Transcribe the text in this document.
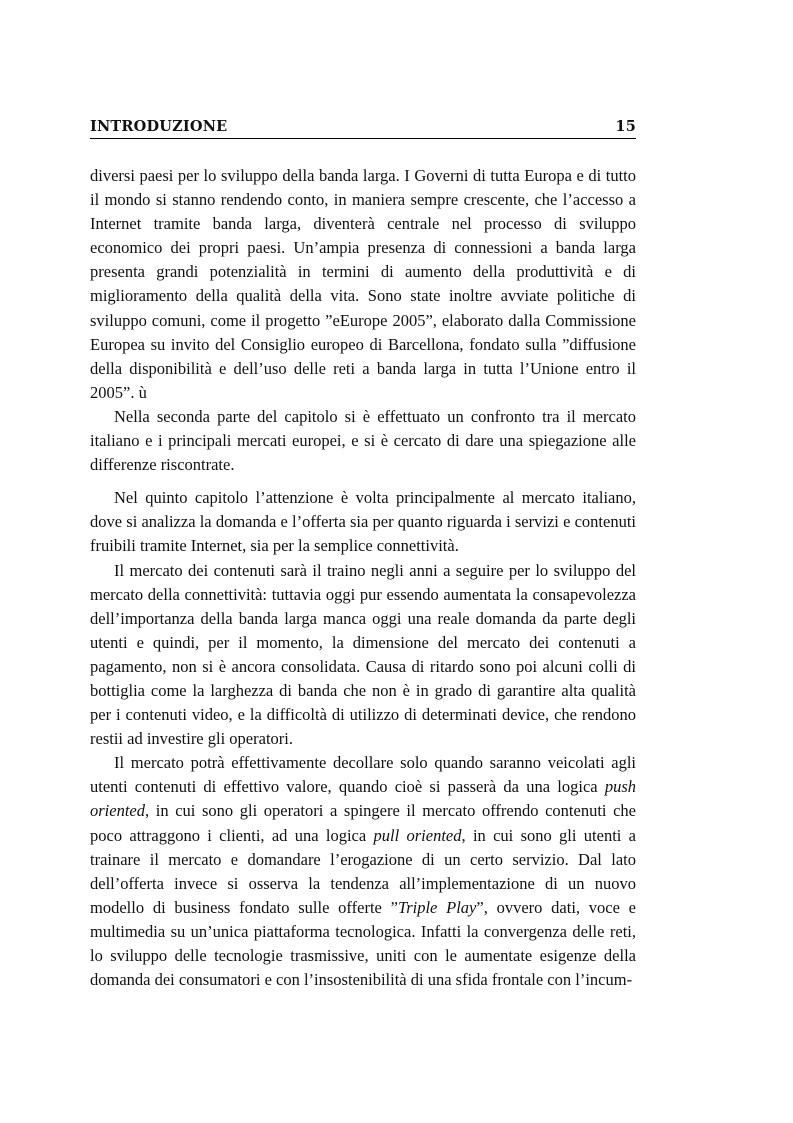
INTRODUZIONE	15

diversi paesi per lo sviluppo della banda larga. I Governi di tutta Europa e di tutto il mondo si stanno rendendo conto, in maniera sempre crescente, che l’accesso a Internet tramite banda larga, diventerà centrale nel processo di sviluppo economico dei propri paesi. Un’ampia presenza di connessioni a banda larga presenta grandi potenzialità in termini di aumento della produttività e di miglioramento della qualità della vita. Sono state inoltre avviate politiche di sviluppo comuni, come il progetto ”eEurope 2005”, elaborato dalla Commissione Europea su invito del Consiglio europeo di Barcellona, fondato sulla ”diffusione della disponibilità e dell’uso delle reti a banda larga in tutta l’Unione entro il 2005”. ù

Nella seconda parte del capitolo si è effettuato un confronto tra il mercato italiano e i principali mercati europei, e si è cercato di dare una spiegazione alle differenze riscontrate.

Nel quinto capitolo l’attenzione è volta principalmente al mercato italiano, dove si analizza la domanda e l’offerta sia per quanto riguarda i servizi e contenuti fruibili tramite Internet, sia per la semplice connettività.

Il mercato dei contenuti sarà il traino negli anni a seguire per lo sviluppo del mercato della connettività: tuttavia oggi pur essendo aumentata la consapevolezza dell’importanza della banda larga manca oggi una reale domanda da parte degli utenti e quindi, per il momento, la dimensione del mercato dei contenuti a pagamento, non si è ancora consolidata. Causa di ritardo sono poi alcuni colli di bottiglia come la larghezza di banda che non è in grado di garantire alta qualità per i contenuti video, e la difficoltà di utilizzo di determinati device, che rendono restii ad investire gli operatori.

Il mercato potrà effettivamente decollare solo quando saranno veicolati agli utenti contenuti di effettivo valore, quando cioè si passerà da una logica push oriented, in cui sono gli operatori a spingere il mercato offrendo contenuti che poco attraggono i clienti, ad una logica pull oriented, in cui sono gli utenti a trainare il mercato e domandare l’erogazione di un certo servizio. Dal lato dell’offerta invece si osserva la tendenza all’implementazione di un nuovo modello di business fondato sulle offerte ”Triple Play”, ovvero dati, voce e multimedia su un’unica piattaforma tecnologica. Infatti la convergenza delle reti, lo sviluppo delle tecnologie trasmissive, uniti con le aumentate esigenze della domanda dei consumatori e con l’insostenibilità di una sfida frontale con l’incum-
